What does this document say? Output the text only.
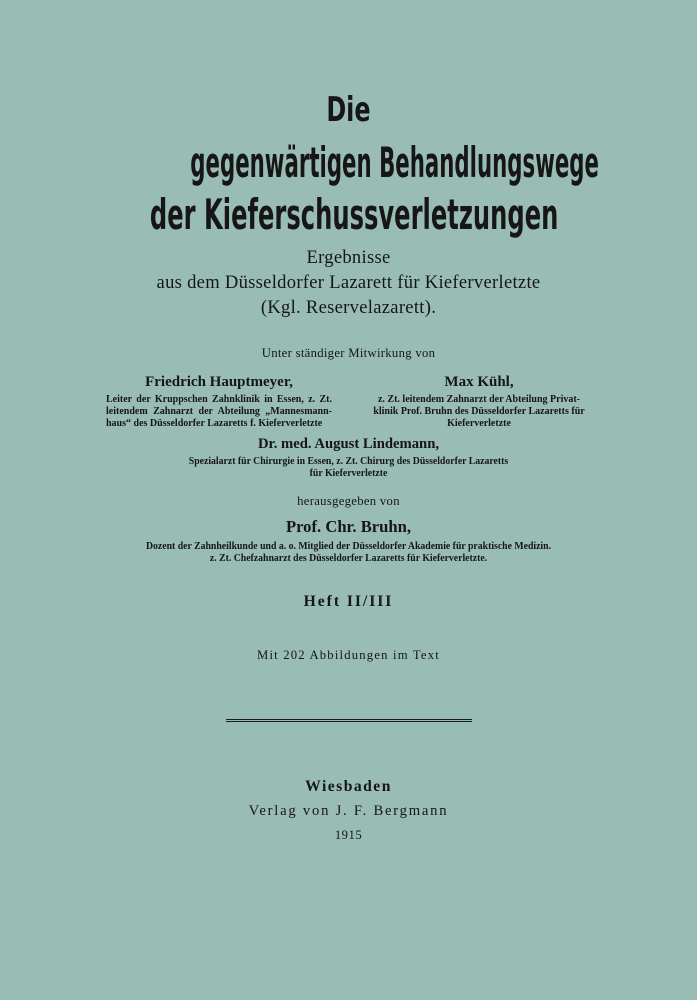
Die
gegenwärtigen Behandlungswege
der Kieferschussverletzungen
Ergebnisse
aus dem Düsseldorfer Lazarett für Kieferverletzte
(Kgl. Reservelazarett).
Unter ständiger Mitwirkung von
Friedrich Hauptmeyer,
Leiter der Kruppschen Zahnklinik in Essen, z. Zt.
leitendem Zahnarzt der Abteilung „Mannesmann-
haus“ des Düsseldorfer Lazaretts f. Kieferverletzte
Max Kühl,
z. Zt. leitendem Zahnarzt der Abteilung Privat-
klinik Prof. Bruhn des Düsseldorfer Lazaretts für
Kieferverletzte
Dr. med. August Lindemann,
Spezialarzt für Chirurgie in Essen, z. Zt. Chirurg des Düsseldorfer Lazaretts
für Kieferverletzte
herausgegeben von
Prof. Chr. Bruhn,
Dozent der Zahnheilkunde und a. o. Mitglied der Düsseldorfer Akademie für praktische Medizin.
z. Zt. Chefzahnarzt des Düsseldorfer Lazaretts für Kieferverletzte.
Heft II/III
Mit 202 Abbildungen im Text
Wiesbaden
Verlag von J. F. Bergmann
1915
